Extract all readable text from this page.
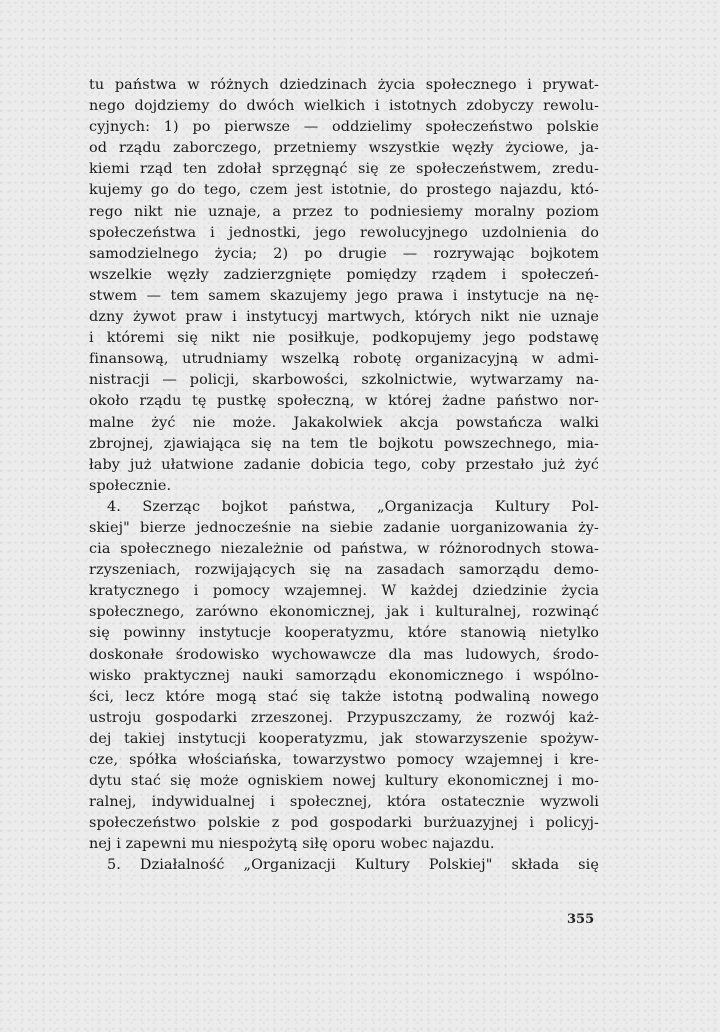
tu państwa w różnych dziedzinach życia społecznego i prywat-
nego dojdziemy do dwóch wielkich i istotnych zdobyczy rewolu-
cyjnych: 1) po pierwsze — oddzielimy społeczeństwo polskie
od rządu zaborczego, przetniemy wszystkie węzły życiowe, ja-
kiemi rząd ten zdołał sprzęgnąć się ze społeczeństwem, zredu-
kujemy go do tego, czem jest istotnie, do prostego najazdu, któ-
rego nikt nie uznaje, a przez to podniesiemy moralny poziom
społeczeństwa i jednostki, jego rewolucyjnego uzdolnienia do
samodzielnego życia; 2) po drugie — rozrywając bojkotem
wszelkie węzły zadzierzgnięte pomiędzy rządem i społeczeń-
stwem — tem samem skazujemy jego prawa i instytucje na nę-
dzny żywot praw i instytucyj martwych, których nikt nie uznaje
i któremi się nikt nie posiłkuje, podkopujemy jego podstawę
finansową, utrudniamy wszelką robotę organizacyjną w admi-
nistracji — policji, skarbowości, szkolnictwie, wytwarzamy na-
około rządu tę pustkę społeczną, w której żadne państwo nor-
malne żyć nie może. Jakakolwiek akcja powstańcza walki
zbrojnej, zjawiająca się na tem tle bojkotu powszechnego, mia-
łaby już ułatwione zadanie dobicia tego, coby przestało już żyć
społecznie.
4. Szerząc bojkot państwa, „Organizacja Kultury Pol-
skiej" bierze jednocześnie na siebie zadanie uorganizowania ży-
cia społecznego niezależnie od państwa, w różnorodnych stowa-
rzyszeniach, rozwijających się na zasadach samorządu demo-
kratycznego i pomocy wzajemnej. W każdej dziedzinie życia
społecznego, zarówno ekonomicznej, jak i kulturalnej, rozwinąć
się powinny instytucje kooperatyzmu, które stanowią nietylko
doskonałe środowisko wychowawcze dla mas ludowych, środo-
wisko praktycznej nauki samorządu ekonomicznego i wspólno-
ści, lecz które mogą stać się także istotną podwaliną nowego
ustroju gospodarki zrzeszonej. Przypuszczamy, że rozwój każ-
dej takiej instytucji kooperatyzmu, jak stowarzyszenie spożyw-
cze, spółka włościańska, towarzystwo pomocy wzajemnej i kre-
dytu stać się może ogniskiem nowej kultury ekonomicznej i mo-
ralnej, indywidualnej i społecznej, która ostatecznie wyzwoli
społeczeństwo polskie z pod gospodarki burżuazyjnej i policyj-
nej i zapewni mu niespożytą siłę oporu wobec najazdu.
5. Działalność „Organizacji Kultury Polskiej" składa się
355
